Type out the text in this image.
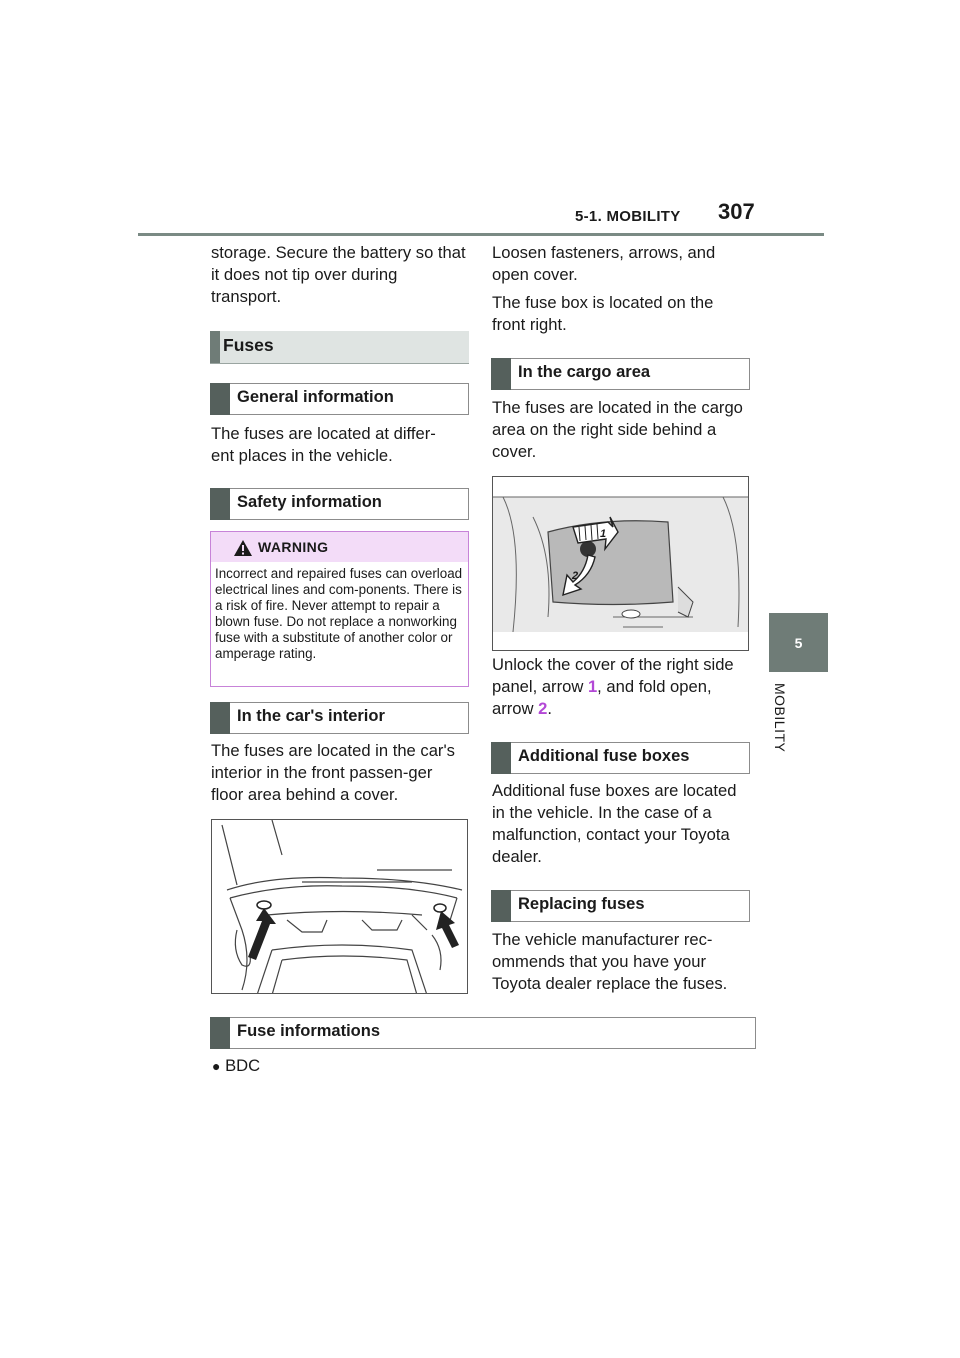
5-1. MOBILITY 307
5
MOBILITY
storage. Secure the battery so that it does not tip over during transport.
Fuses
General information
The fuses are located at differ-
ent places in the vehicle.
Safety information
WARNING
Incorrect and repaired fuses can overload electrical lines and com-ponents. There is a risk of fire. Never attempt to repair a blown fuse. Do not replace a nonworking fuse with a substitute of another color or amperage rating.
In the car's interior
The fuses are located in the car's interior in the front passen-ger floor area behind a cover.
● BDC
Loosen fasteners, arrows, and open cover.
The fuse box is located on the front right.
In the cargo area
The fuses are located in the cargo area on the right side behind a cover.
1
2
Unlock the cover of the right side panel, arrow 1, and fold open, arrow 2.
Additional fuse boxes
Additional fuse boxes are located in the vehicle. In the case of a malfunction, contact your Toyota dealer.
Replacing fuses
The vehicle manufacturer rec-ommends that you have your Toyota dealer replace the fuses.
Fuse informations
